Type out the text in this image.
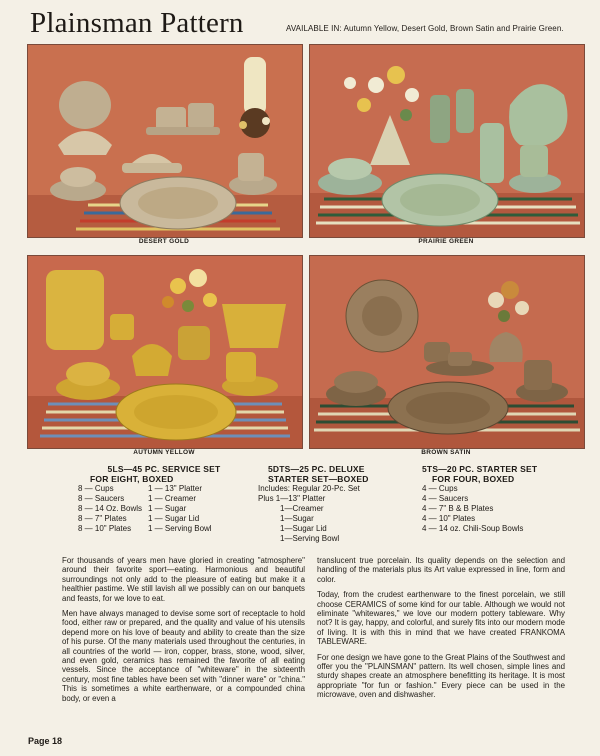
Plainsman Pattern	AVAILABLE IN: Autumn Yellow, Desert Gold, Brown Satin and Prairie Green.
DESERT GOLD	PRAIRIE GREEN
AUTUMN YELLOW	BROWN SATIN
5LS—45 PC. SERVICE SET
FOR EIGHT, BOXED
8 — Cups	1 — 13" Platter
8 — Saucers	1 — Creamer
8 — 14 Oz. Bowls 1 — Sugar
8 — 7" Plates	1 — Sugar Lid
8 — 10" Plates	1 — Serving Bowl
5DTS—25 PC. DELUXE
STARTER SET—BOXED
Includes: Regular 20-Pc. Set
Plus 1—13" Platter
1—Creamer
1—Sugar
1—Sugar Lid
1—Serving Bowl
5TS—20 PC. STARTER SET
FOR FOUR, BOXED
4 — Cups
4 — Saucers
4 — 7" B & B Plates
4 — 10" Plates
4 — 14 oz. Chili-Soup Bowls

For thousands of years men have gloried in creating "atmosphere" around their favorite sport—eating. Harmonious and beautiful surroundings not only add to the pleasure of eating but make it a healthier pastime. We still lavish all we possibly can on our banquets and feasts, for we love to eat.

Men have always managed to devise some sort of receptacle to hold food, either raw or prepared, and the quality and value of his utensils depend more on his love of beauty and ability to create than the size of his purse. Of the many materials used throughout the centuries, in all countries of the world — iron, copper, brass, stone, wood, silver, and even gold, ceramics has remained the favorite of all eating vessels. Since the acceptance of "whiteware" in the sixteenth century, most fine tables have been set with "dinner ware" or "china." This is sometimes a white earthenware, or a compounded china body, or even a

translucent true porcelain. Its quality depends on the selection and handling of the materials plus its Art value expressed in line, form and color.

Today, from the crudest earthenware to the finest porcelain, we still choose CERAMICS of some kind for our table. Although we would not eliminate "whitewares," we love our modern pottery tableware. Why not? It is gay, happy, and colorful, and surely fits into our modern mode of living. It is with this in mind that we have created FRANKOMA TABLEWARE.

For one design we have gone to the Great Plains of the Southwest and offer you the "PLAINSMAN" pattern. Its well chosen, simple lines and sturdy shapes create an atmosphere benefitting its heritage. It is most appropriate "for fun or fashion." Every piece can be used in the microwave, oven and dishwasher.

Page 18
